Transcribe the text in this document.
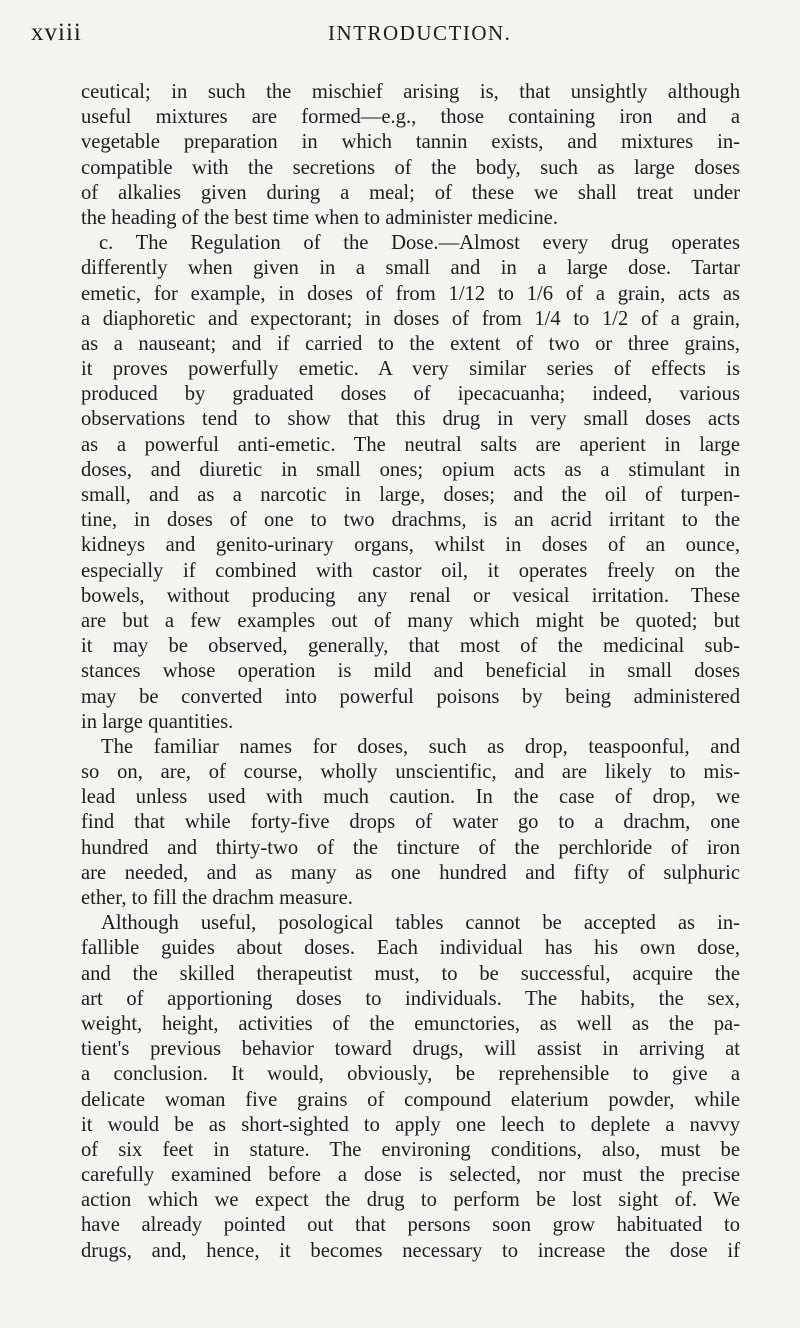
xviii	INTRODUCTION.
ceutical; in such the mischief arising is, that unsightly although
useful mixtures are formed—e.g., those containing iron and a
vegetable preparation in which tannin exists, and mixtures in-
compatible with the secretions of the body, such as large doses
of alkalies given during a meal; of these we shall treat under
the heading of the best time when to administer medicine.
c. The Regulation of the Dose.—Almost every drug operates
differently when given in a small and in a large dose. Tartar
emetic, for example, in doses of from 1/12 to 1/6 of a grain, acts as
a diaphoretic and expectorant; in doses of from 1/4 to 1/2 of a grain,
as a nauseant; and if carried to the extent of two or three grains,
it proves powerfully emetic. A very similar series of effects is
produced by graduated doses of ipecacuanha; indeed, various
observations tend to show that this drug in very small doses acts
as a powerful anti-emetic. The neutral salts are aperient in large
doses, and diuretic in small ones; opium acts as a stimulant in
small, and as a narcotic in large, doses; and the oil of turpen-
tine, in doses of one to two drachms, is an acrid irritant to the
kidneys and genito-urinary organs, whilst in doses of an ounce,
especially if combined with castor oil, it operates freely on the
bowels, without producing any renal or vesical irritation. These
are but a few examples out of many which might be quoted; but
it may be observed, generally, that most of the medicinal sub-
stances whose operation is mild and beneficial in small doses
may be converted into powerful poisons by being administered
in large quantities.
The familiar names for doses, such as drop, teaspoonful, and
so on, are, of course, wholly unscientific, and are likely to mis-
lead unless used with much caution. In the case of drop, we
find that while forty-five drops of water go to a drachm, one
hundred and thirty-two of the tincture of the perchloride of iron
are needed, and as many as one hundred and fifty of sulphuric
ether, to fill the drachm measure.
Although useful, posological tables cannot be accepted as in-
fallible guides about doses. Each individual has his own dose,
and the skilled therapeutist must, to be successful, acquire the
art of apportioning doses to individuals. The habits, the sex,
weight, height, activities of the emunctories, as well as the pa-
tient's previous behavior toward drugs, will assist in arriving at
a conclusion. It would, obviously, be reprehensible to give a
delicate woman five grains of compound elaterium powder, while
it would be as short-sighted to apply one leech to deplete a navvy
of six feet in stature. The environing conditions, also, must be
carefully examined before a dose is selected, nor must the precise
action which we expect the drug to perform be lost sight of. We
have already pointed out that persons soon grow habituated to
drugs, and, hence, it becomes necessary to increase the dose if
